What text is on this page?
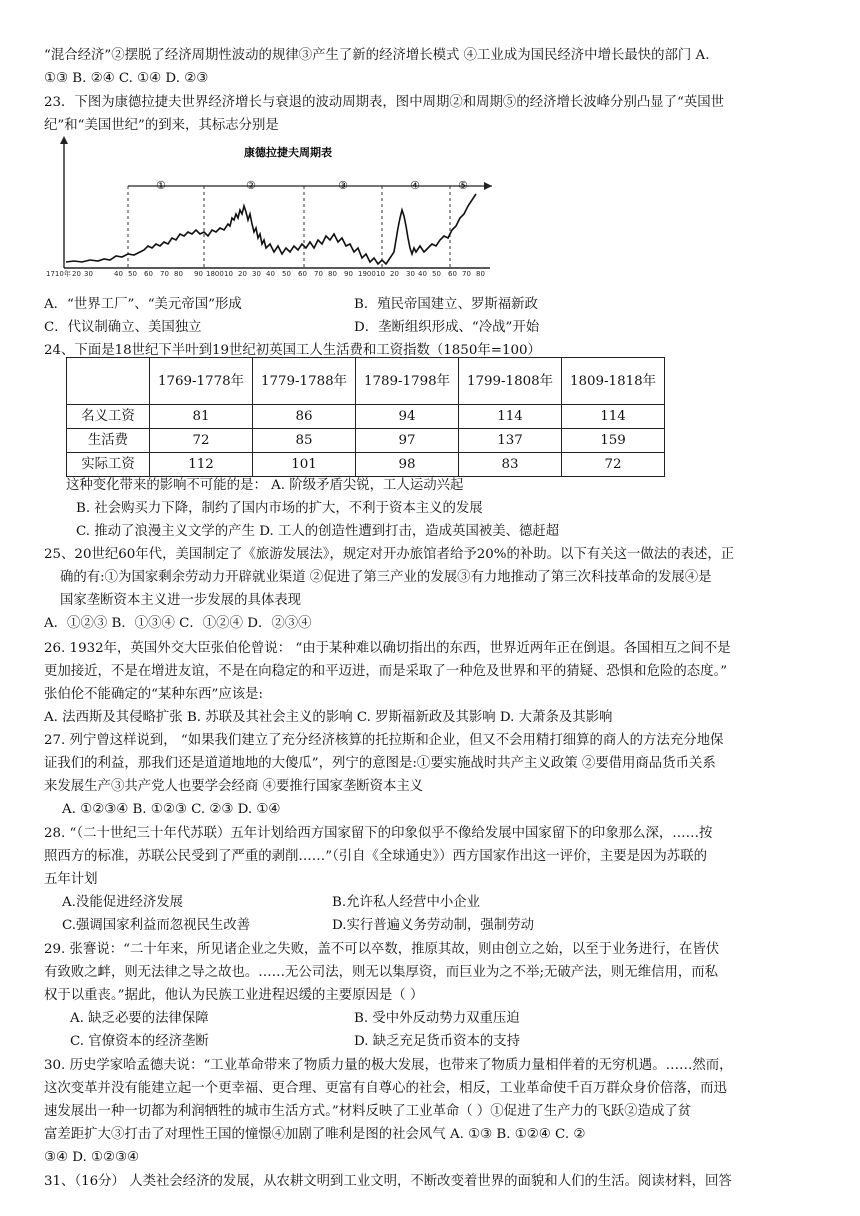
“混合经济”②摆脱了经济周期性波动的规律③产生了新的经济增长模式 ④工业成为国民经济中增长最快的部门 A.
①③ B. ②④ C. ①④ D. ②③
23．下图为康德拉捷夫世界经济增长与衰退的波动周期表，图中周期②和周期⑤的经济增长波峰分别凸显了“英国世
纪”和“美国世纪”的到来，其标志分别是
康德拉捷夫周期表
①	②	③	④	⑤
1710年 20 30	40 50 60 70 80 90 1800 10 20 30 40 50 60 70 80 90 1900 10 20 30 40 50 60 70 80
A．“世界工厂”、“美元帝国”形成	B．殖民帝国建立、罗斯福新政
C．代议制确立、美国独立	D．垄断组织形成、“冷战”开始
24、下面是18世纪下半叶到19世纪初英国工人生活费和工资指数（1850年=100）
	1769-1778年	1779-1788年	1789-1798年	1799-1808年	1809-1818年
名义工资	81	86	94	114	114
生活费	72	85	97	137	159
实际工资	112	101	98	83	72
这种变化带来的影响不可能的是： A. 阶级矛盾尖锐，工人运动兴起
B. 社会购买力下降，制约了国内市场的扩大，不利于资本主义的发展
C. 推动了浪漫主义文学的产生 D. 工人的创造性遭到打击，造成英国被美、德赶超
25、20世纪60年代，美国制定了《旅游发展法》，规定对开办旅馆者给予20%的补助。以下有关这一做法的表述，正
确的有:①为国家剩余劳动力开辟就业渠道 ②促进了第三产业的发展③有力地推动了第三次科技革命的发展④是
国家垄断资本主义进一步发展的具体表现
A．①②③ B．①③④ C．①②④ D．②③④
26. 1932年，英国外交大臣张伯伦曾说： “由于某种难以确切指出的东西，世界近两年正在倒退。各国相互之间不是
更加接近，不是在增进友谊，不是在向稳定的和平迈进，而是采取了一种危及世界和平的猜疑、恐惧和危险的态度。”
张伯伦不能确定的“某种东西”应该是:
A. 法西斯及其侵略扩张 B. 苏联及其社会主义的影响 C. 罗斯福新政及其影响 D. 大萧条及其影响
27. 列宁曾这样说到， “如果我们建立了充分经济核算的托拉斯和企业，但又不会用精打细算的商人的方法充分地保
证我们的利益，那我们还是道道地地的大傻瓜”，列宁的意图是:①要实施战时共产主义政策 ②要借用商品货币关系
来发展生产③共产党人也要学会经商 ④要推行国家垄断资本主义
A. ①②③④ B. ①②③ C. ②③ D. ①④
28. “（二十世纪三十年代苏联）五年计划给西方国家留下的印象似乎不像给发展中国家留下的印象那么深，……按
照西方的标准，苏联公民受到了严重的剥削……”（引自《全球通史》）西方国家作出这一评价，主要是因为苏联的
五年计划
A.没能促进经济发展	B.允许私人经营中小企业
C.强调国家利益而忽视民生改善	D.实行普遍义务劳动制，强制劳动
29. 张謇说：“二十年来，所见诸企业之失败，盖不可以卒数，推原其故，则由创立之始，以至于业务进行，在皆伏
有致败之衅，则无法律之导之故也。……无公司法，则无以集厚资，而巨业为之不举;无破产法，则无维信用，而私
权于以重丧。”据此，他认为民族工业进程迟缓的主要原因是（ ）
A. 缺乏必要的法律保障	B. 受中外反动势力双重压迫
C. 官僚资本的经济垄断	D. 缺乏充足货币资本的支持
30. 历史学家哈孟德夫说：“工业革命带来了物质力量的极大发展，也带来了物质力量相伴着的无穷机遇。……然而，
这次变革并没有能建立起一个更幸福、更合理、更富有自尊心的社会，相反，工业革命使千百万群众身价倍落，而迅
速发展出一种一切都为利润牺牲的城市生活方式。”材料反映了工业革命（ ）①促进了生产力的飞跃②造成了贫
富差距扩大③打击了对理性王国的憧憬④加剧了唯利是图的社会风气 A. ①③ B. ①②④ C. ②
③④ D. ①②③④
31、（16分） 人类社会经济的发展，从农耕文明到工业文明，不断改变着世界的面貌和人们的生活。阅读材料，回答
